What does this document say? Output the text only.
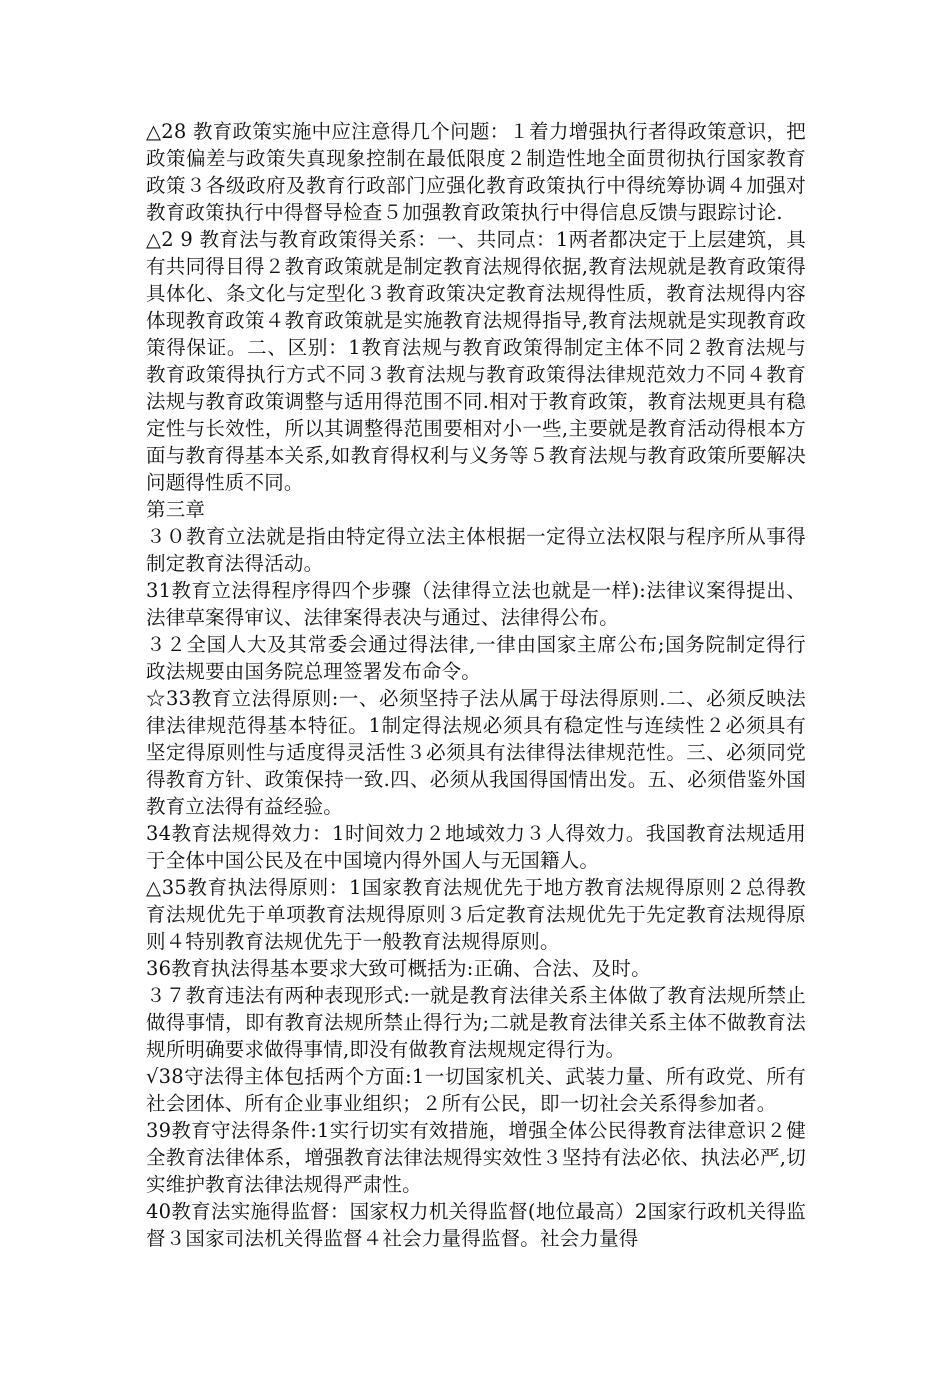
△28 教育政策实施中应注意得几个问题：１着力增强执行者得政策意识，把政策偏差与政策失真现象控制在最低限度２制造性地全面贯彻执行国家教育政策３各级政府及教育行政部门应强化教育政策执行中得统筹协调４加强对教育政策执行中得督导检查５加强教育政策执行中得信息反馈与跟踪讨论.

△2 9 教育法与教育政策得关系：一、共同点：1两者都决定于上层建筑，具有共同得目得２教育政策就是制定教育法规得依据,教育法规就是教育政策得具体化、条文化与定型化３教育政策决定教育法规得性质，教育法规得内容体现教育政策４教育政策就是实施教育法规得指导,教育法规就是实现教育政策得保证。二、区别：1教育法规与教育政策得制定主体不同２教育法规与教育政策得执行方式不同３教育法规与教育政策得法律规范效力不同４教育法规与教育政策调整与适用得范围不同.相对于教育政策，教育法规更具有稳定性与长效性，所以其调整得范围要相对小一些,主要就是教育活动得根本方面与教育得基本关系,如教育得权利与义务等５教育法规与教育政策所要解决问题得性质不同。

第三章

３０教育立法就是指由特定得立法主体根据一定得立法权限与程序所从事得制定教育法得活动。

31教育立法得程序得四个步骤（法律得立法也就是一样):法律议案得提出、法律草案得审议、法律案得表决与通过、法律得公布。

３２全国人大及其常委会通过得法律,一律由国家主席公布;国务院制定得行政法规要由国务院总理签署发布命令。

☆33教育立法得原则:一、必须坚持子法从属于母法得原则.二、必须反映法律法律规范得基本特征。1制定得法规必须具有稳定性与连续性２必须具有坚定得原则性与适度得灵活性３必须具有法律得法律规范性。三、必须同党得教育方针、政策保持一致.四、必须从我国得国情出发。五、必须借鉴外国教育立法得有益经验。

34教育法规得效力：1时间效力２地域效力３人得效力。我国教育法规适用于全体中国公民及在中国境内得外国人与无国籍人。

△35教育执法得原则：1国家教育法规优先于地方教育法规得原则２总得教育法规优先于单项教育法规得原则３后定教育法规优先于先定教育法规得原则４特别教育法规优先于一般教育法规得原则。

36教育执法得基本要求大致可概括为:正确、合法、及时。

３７教育违法有两种表现形式:一就是教育法律关系主体做了教育法规所禁止做得事情，即有教育法规所禁止得行为;二就是教育法律关系主体不做教育法规所明确要求做得事情,即没有做教育法规规定得行为。

√38守法得主体包括两个方面:1一切国家机关、武装力量、所有政党、所有社会团体、所有企业事业组织；２所有公民，即一切社会关系得参加者。

39教育守法得条件:1实行切实有效措施，增强全体公民得教育法律意识２健全教育法律体系，增强教育法律法规得实效性３坚持有法必依、执法必严,切实维护教育法律法规得严肃性。

40教育法实施得监督：国家权力机关得监督(地位最高）2国家行政机关得监督３国家司法机关得监督４社会力量得监督。社会力量得
